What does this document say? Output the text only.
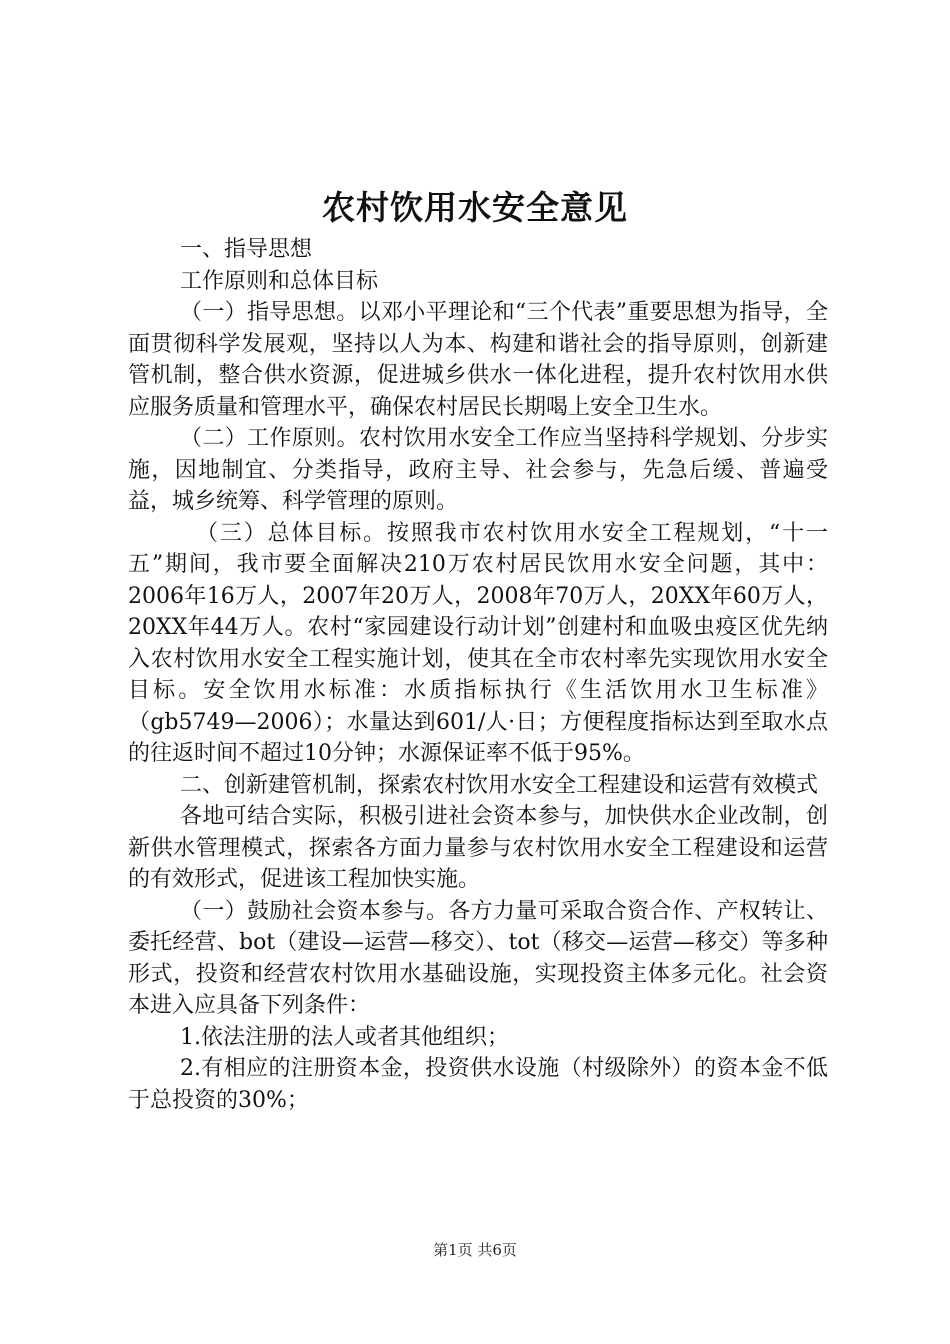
农村饮用水安全意见

一、指导思想

工作原则和总体目标

（一）指导思想。以邓小平理论和“三个代表”重要思想为指导，全面贯彻科学发展观，坚持以人为本、构建和谐社会的指导原则，创新建管机制，整合供水资源，促进城乡供水一体化进程，提升农村饮用水供应服务质量和管理水平，确保农村居民长期喝上安全卫生水。

（二）工作原则。农村饮用水安全工作应当坚持科学规划、分步实施，因地制宜、分类指导，政府主导、社会参与，先急后缓、普遍受益，城乡统筹、科学管理的原则。

（三）总体目标。按照我市农村饮用水安全工程规划，“十一五”期间，我市要全面解决210万农村居民饮用水安全问题，其中：2006年16万人，2007年20万人，2008年70万人，20XX年60万人，20XX年44万人。农村“家园建设行动计划”创建村和血吸虫疫区优先纳入农村饮用水安全工程实施计划，使其在全市农村率先实现饮用水安全目标。安全饮用水标准：水质指标执行《生活饮用水卫生标准》（gb5749—2006）；水量达到601/人·日；方便程度指标达到至取水点的往返时间不超过10分钟；水源保证率不低于95%。

二、创新建管机制，探索农村饮用水安全工程建设和运营有效模式

各地可结合实际，积极引进社会资本参与，加快供水企业改制，创新供水管理模式，探索各方面力量参与农村饮用水安全工程建设和运营的有效形式，促进该工程加快实施。

（一）鼓励社会资本参与。各方力量可采取合资合作、产权转让、委托经营、bot（建设—运营—移交）、tot（移交—运营—移交）等多种形式，投资和经营农村饮用水基础设施，实现投资主体多元化。社会资本进入应具备下列条件：

1.依法注册的法人或者其他组织；

2.有相应的注册资本金，投资供水设施（村级除外）的资本金不低于总投资的30%；

第1页 共6页
